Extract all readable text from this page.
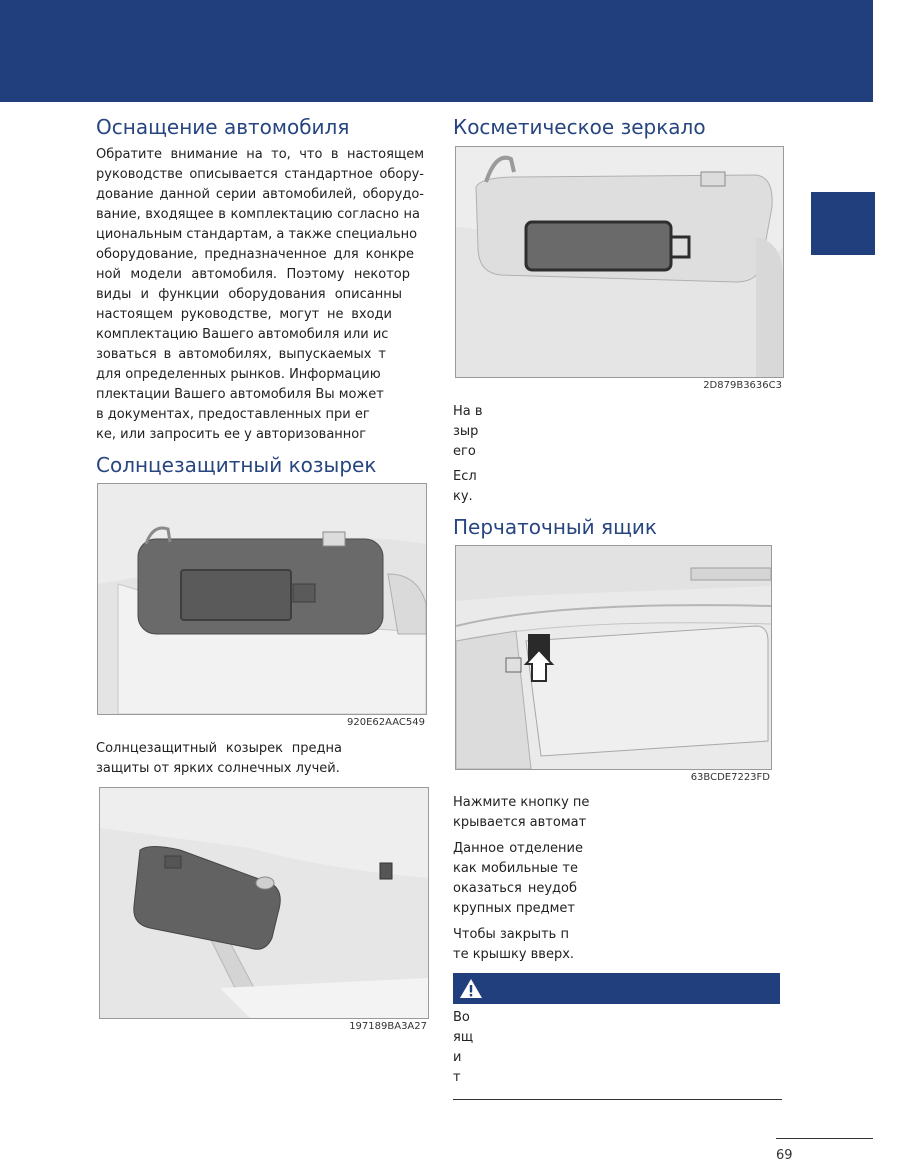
Оснащение автомобиля
Обратите внимание на то, что в настоящем
руководстве описывается стандартное обору-
дование данной серии автомобилей, оборудо-
вание, входящее в комплектацию согласно на
циональным стандартам, а также специально
оборудование, предназначенное для конкре
ной модели автомобиля. Поэтому некотор
виды и функции оборудования описанны
настоящем руководстве, могут не входи
комплектацию Вашего автомобиля или ис
зоваться в автомобилях, выпускаемых т
для определенных рынков. Информацию
плектации Вашего автомобиля Вы может
в документах, предоставленных при ег
ке, или запросить ее у авторизованног
Солнцезащитный козырек
920E62AAC549
Солнцезащитный козырек предна
защиты от ярких солнечных лучей.
197189BA3A27
Косметическое зеркало
2D879B3636C3
На в
зыр
его
Есл
ку.
Перчаточный ящик
63BCDE7223FD
Нажмите кнопку пе
крывается автомат
Данное отделение
как мобильные те
оказаться неудоб
крупных предмет
Чтобы закрыть п
те крышку вверх.
Во
ящ
и
т
69
